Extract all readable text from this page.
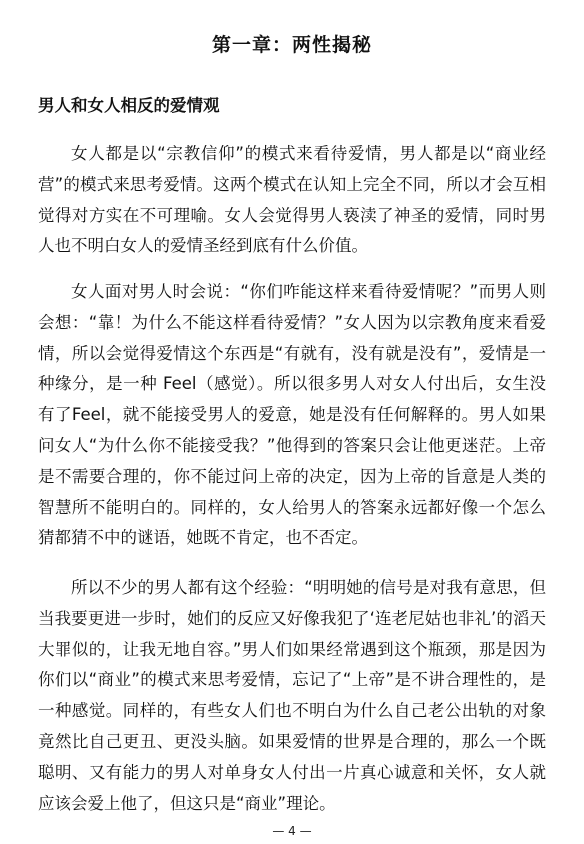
第一章：两性揭秘
男人和女人相反的爱情观

女人都是以“宗教信仰”的模式来看待爱情，男人都是以“商业经营”的模式来思考爱情。这两个模式在认知上完全不同，所以才会互相觉得对方实在不可理喻。女人会觉得男人亵渎了神圣的爱情，同时男人也不明白女人的爱情圣经到底有什么价值。

女人面对男人时会说：“你们咋能这样来看待爱情呢？”而男人则会想：“靠！为什么不能这样看待爱情？”女人因为以宗教角度来看爱情，所以会觉得爱情这个东西是“有就有，没有就是没有”，爱情是一种缘分，是一种 Feel（感觉）。所以很多男人对女人付出后，女生没有了Feel，就不能接受男人的爱意，她是没有任何解释的。男人如果问女人“为什么你不能接受我？”他得到的答案只会让他更迷茫。上帝是不需要合理的，你不能过问上帝的决定，因为上帝的旨意是人类的智慧所不能明白的。同样的，女人给男人的答案永远都好像一个怎么猜都猜不中的谜语，她既不肯定，也不否定。

所以不少的男人都有这个经验：“明明她的信号是对我有意思，但当我要更进一步时，她们的反应又好像我犯了‘连老尼姑也非礼’的滔天大罪似的，让我无地自容。”男人们如果经常遇到这个瓶颈，那是因为你们以“商业”的模式来思考爱情，忘记了“上帝”是不讲合理性的，是一种感觉。同样的，有些女人们也不明白为什么自己老公出轨的对象竟然比自己更丑、更没头脑。如果爱情的世界是合理的，那么一个既聪明、又有能力的男人对单身女人付出一片真心诚意和关怀，女人就应该会爱上他了，但这只是“商业”理论。

— 4 —
